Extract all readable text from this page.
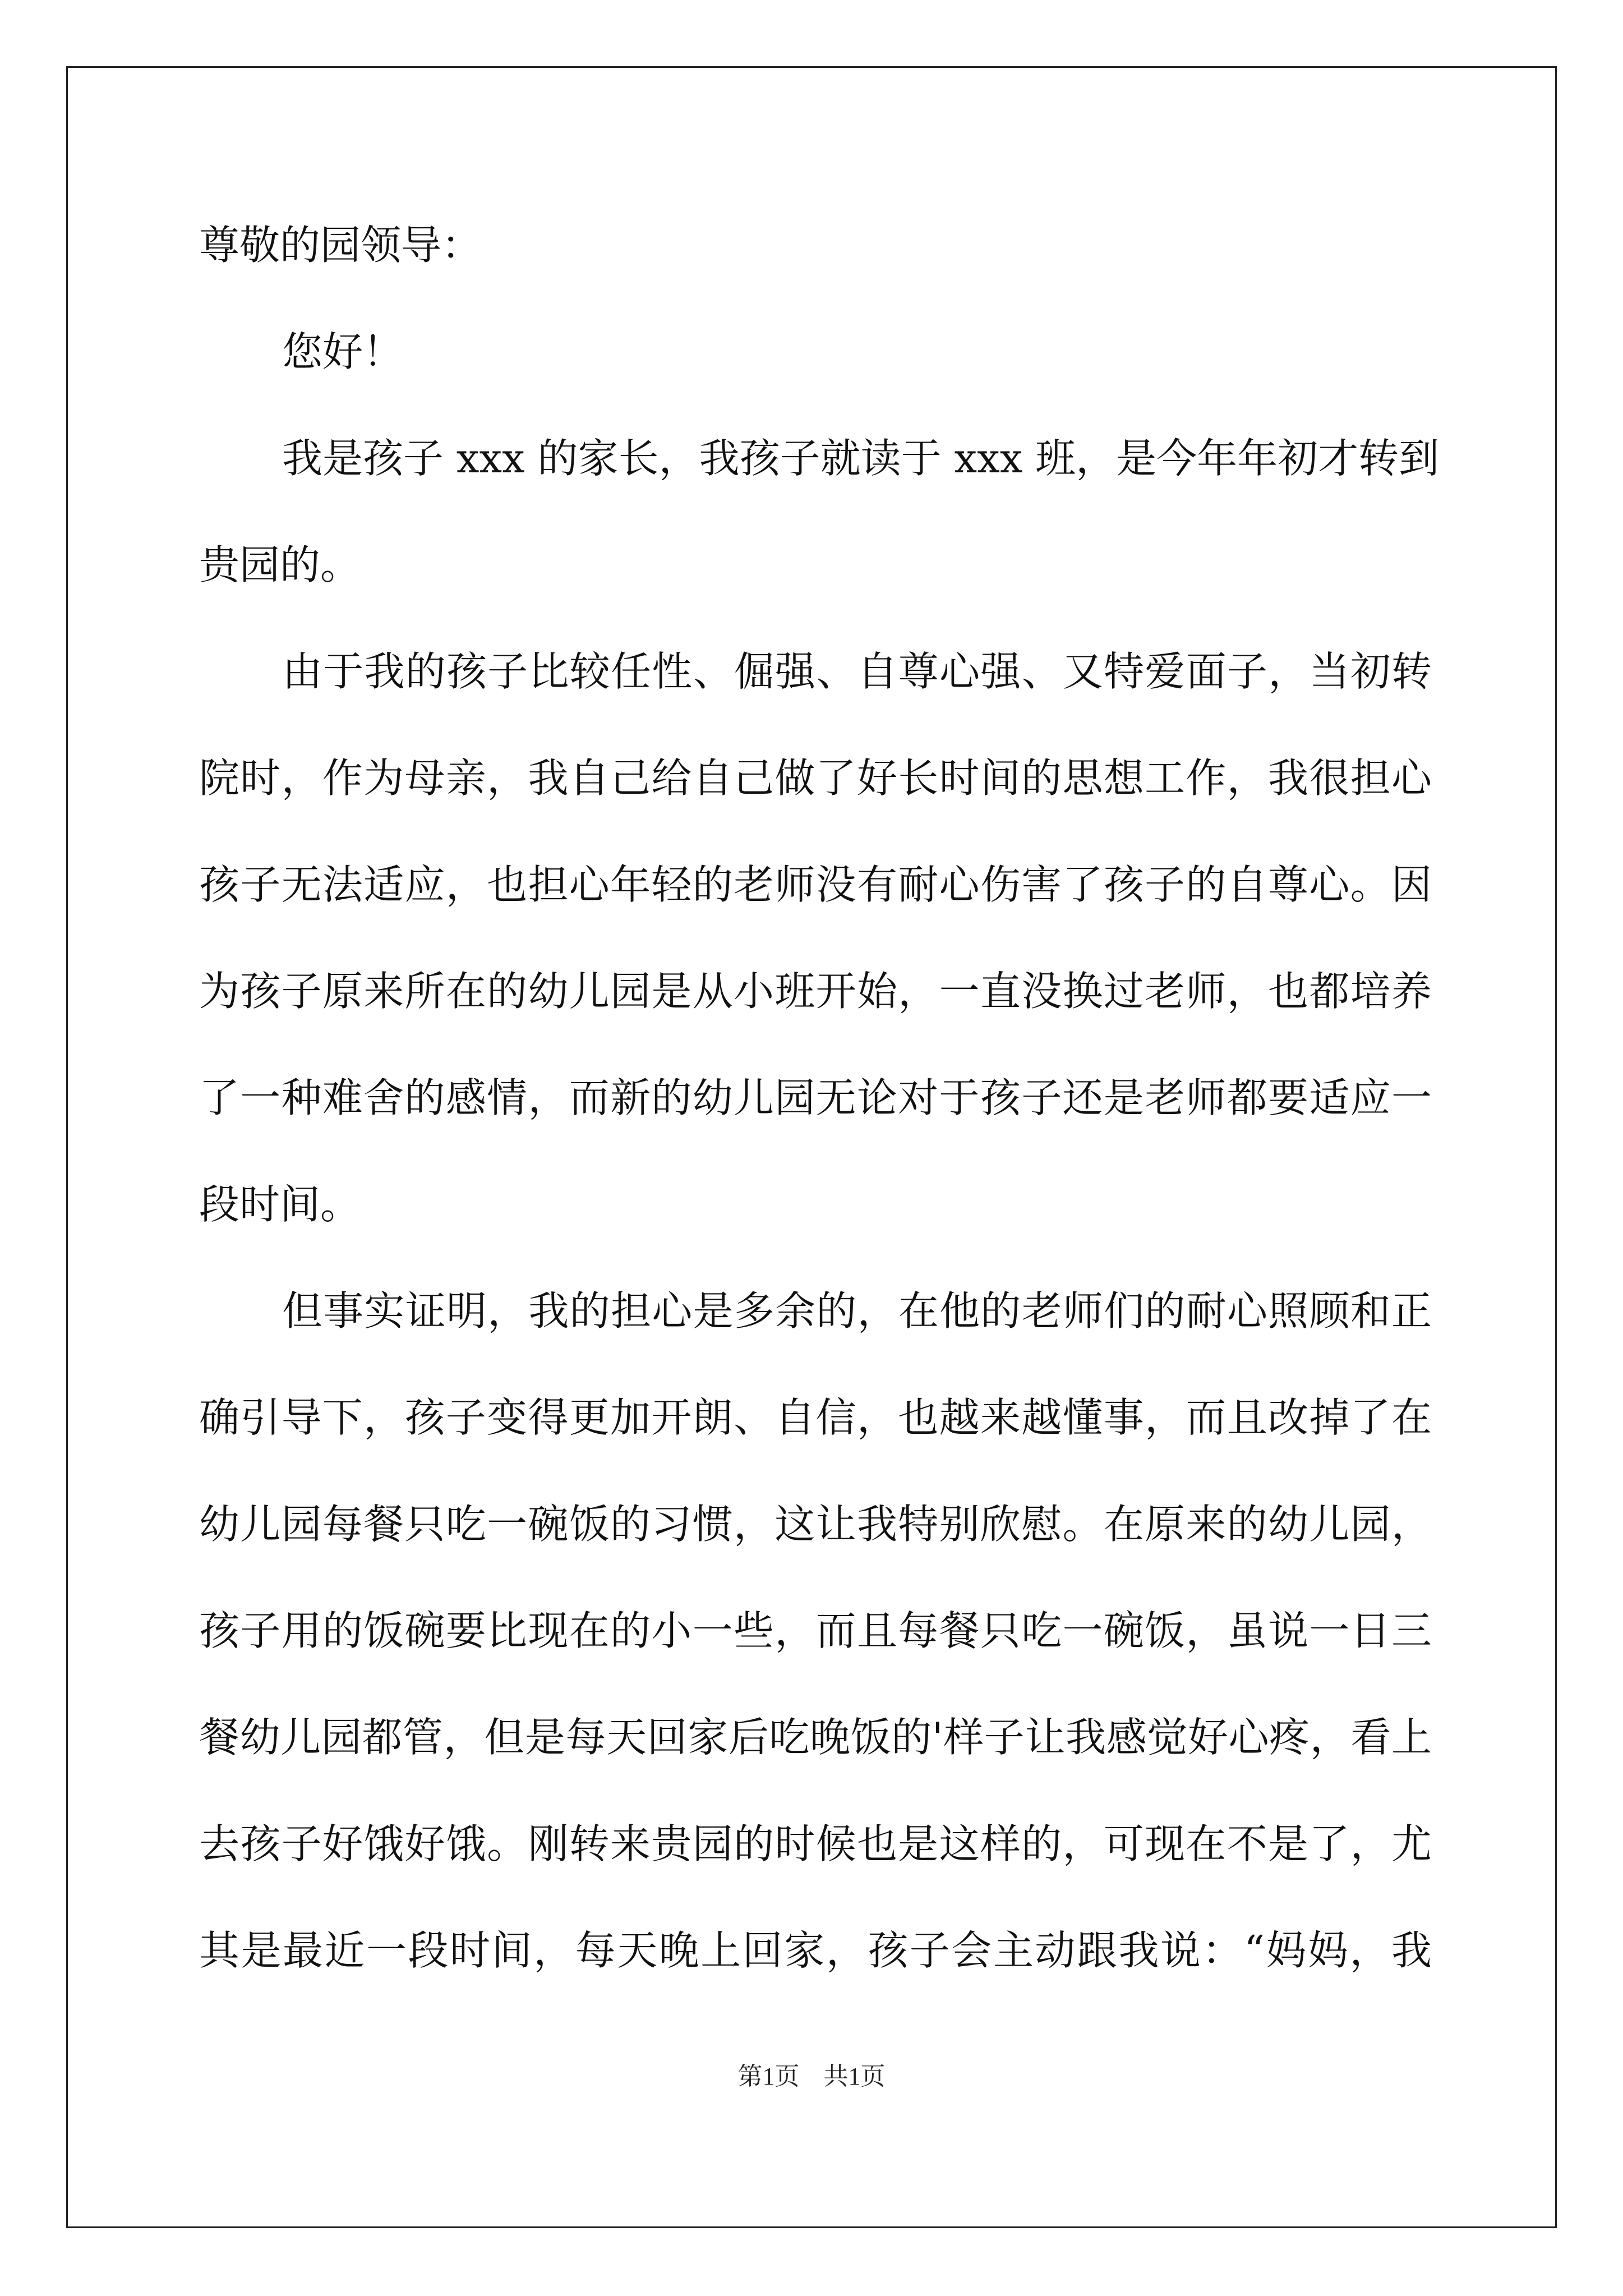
尊敬的园领导：
您好！
我是孩子 xxx 的家长，我孩子就读于 xxx 班，是今年年初才转到
贵园的。
由于我的孩子比较任性、倔强、自尊心强、又特爱面子，当初转
院时，作为母亲，我自己给自己做了好长时间的思想工作，我很担心
孩子无法适应，也担心年轻的老师没有耐心伤害了孩子的自尊心。因
为孩子原来所在的幼儿园是从小班开始，一直没换过老师，也都培养
了一种难舍的感情，而新的幼儿园无论对于孩子还是老师都要适应一
段时间。
但事实证明，我的担心是多余的，在他的老师们的耐心照顾和正
确引导下，孩子变得更加开朗、自信，也越来越懂事，而且改掉了在
幼儿园每餐只吃一碗饭的习惯，这让我特别欣慰。在原来的幼儿园，
孩子用的饭碗要比现在的小一些，而且每餐只吃一碗饭，虽说一日三
餐幼儿园都管，但是每天回家后吃晚饭的'样子让我感觉好心疼，看上
去孩子好饿好饿。刚转来贵园的时候也是这样的，可现在不是了，尤
其是最近一段时间，每天晚上回家，孩子会主动跟我说：“妈妈，我
第1页 共1页
